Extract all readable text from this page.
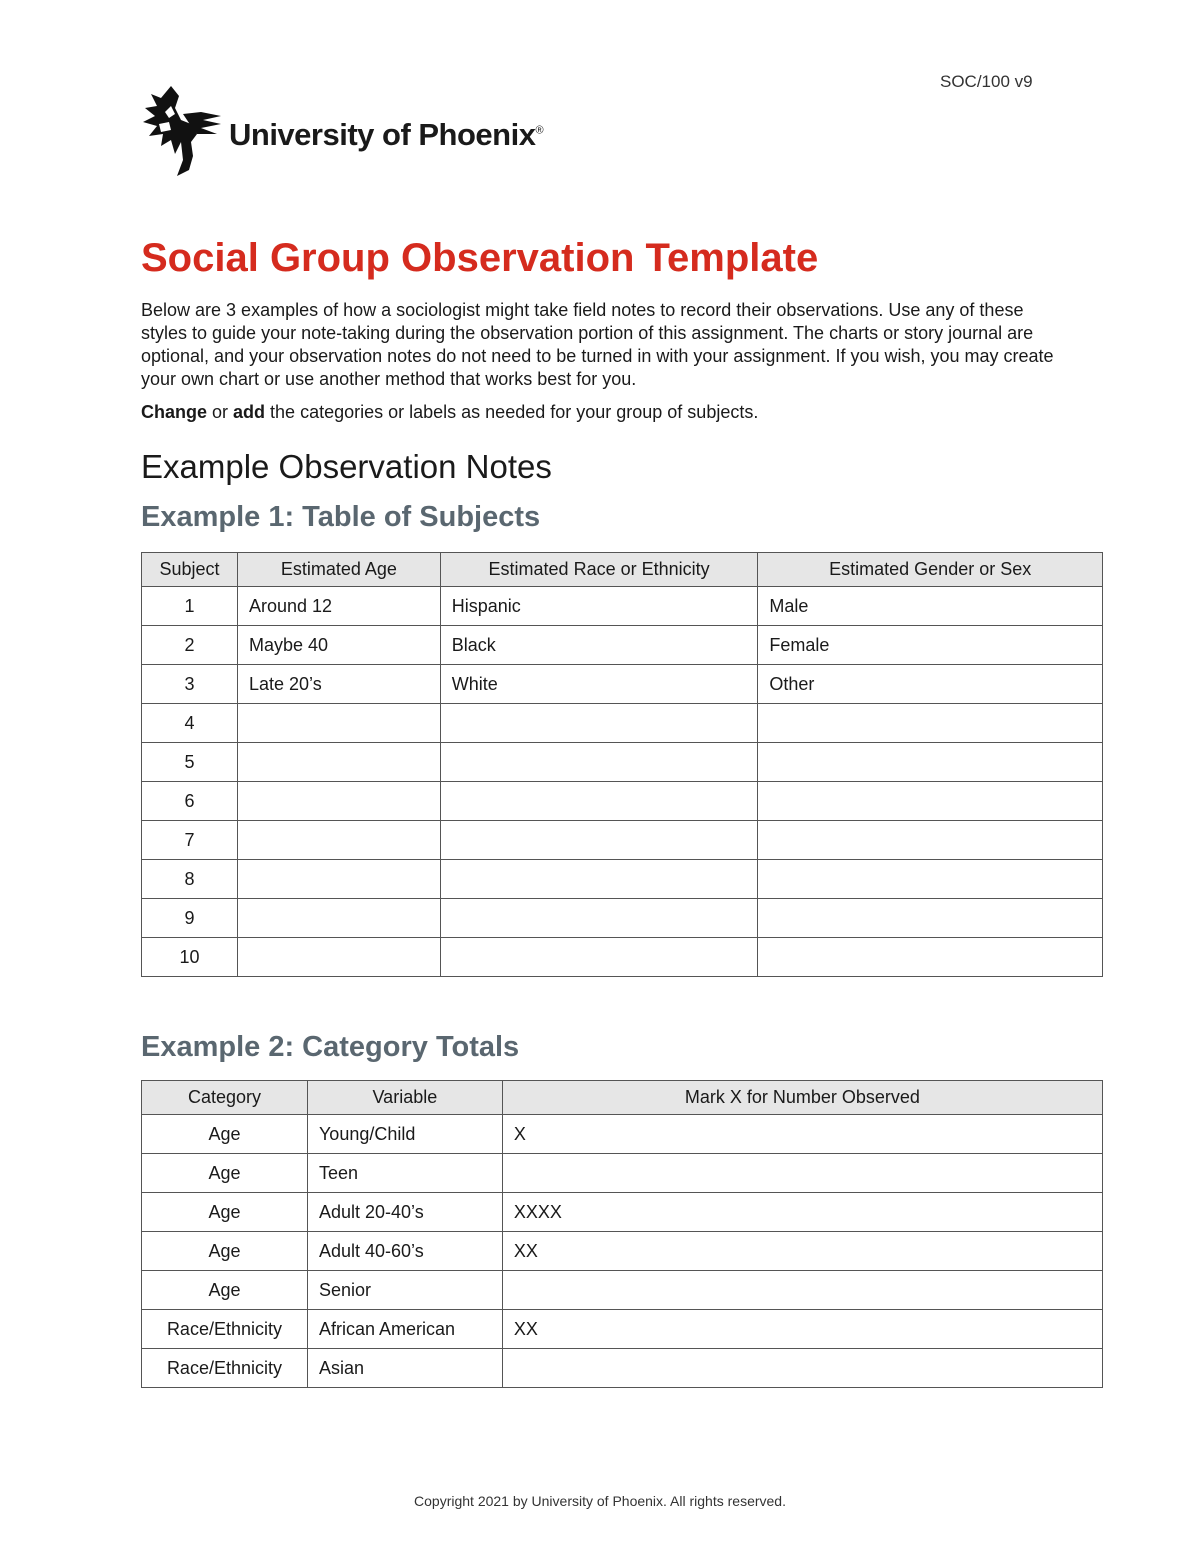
SOC/100 v9
University of Phoenix®
Social Group Observation Template

Below are 3 examples of how a sociologist might take field notes to record their observations. Use any of these styles to guide your note-taking during the observation portion of this assignment. The charts or story journal are optional, and your observation notes do not need to be turned in with your assignment. If you wish, you may create your own chart or use another method that works best for you.

Change or add the categories or labels as needed for your group of subjects.

Example Observation Notes
Example 1: Table of Subjects
Subject	Estimated Age	Estimated Race or Ethnicity	Estimated Gender or Sex
1	Around 12	Hispanic	Male
2	Maybe 40	Black	Female
3	Late 20’s	White	Other
4			
5			
6			
7			
8			
9			
10			
Example 2: Category Totals
Category	Variable	Mark X for Number Observed
Age	Young/Child	X
Age	Teen	
Age	Adult 20-40’s	XXXX
Age	Adult 40-60’s	XX
Age	Senior	
Race/Ethnicity	African American	XX
Race/Ethnicity	Asian	
Copyright 2021 by University of Phoenix. All rights reserved.
